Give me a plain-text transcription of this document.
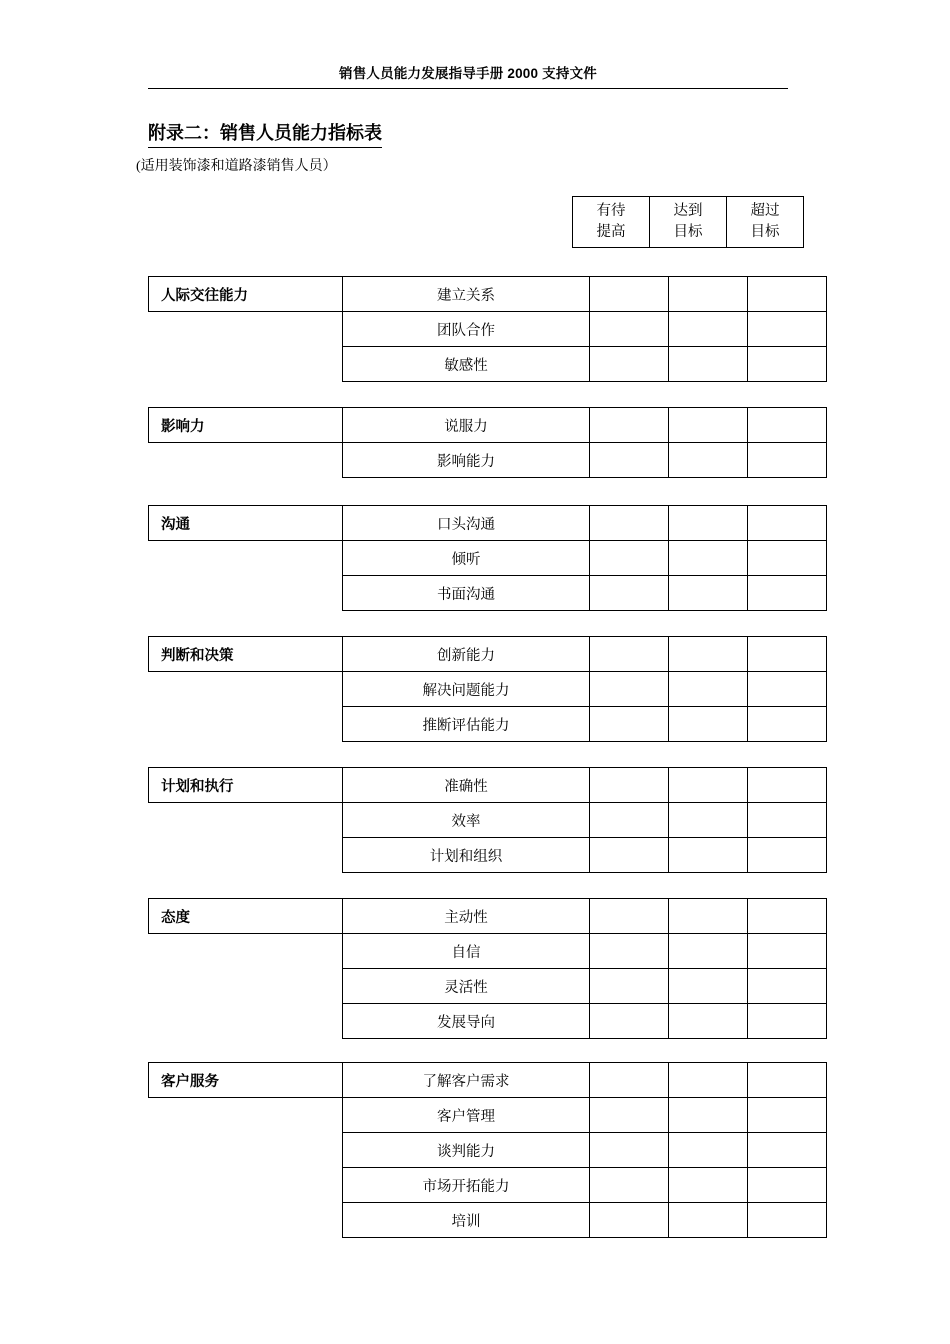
销售人员能力发展指导手册 2000 支持文件
附录二：销售人员能力指标表
(适用装饰漆和道路漆销售人员）
有待
提高

达到
目标

超过
目标
人际交往能力	建立关系			
	团队合作			
	敏感性			
影响力	说服力			
	影响能力			
沟通	口头沟通			
	倾听			
	书面沟通			
判断和决策	创新能力			
	解决问题能力			
	推断评估能力			
计划和执行	准确性			
	效率			
	计划和组织			
态度	主动性			
	自信			
	灵活性			
	发展导向			
客户服务	了解客户需求			
	客户管理			
	谈判能力			
	市场开拓能力			
	培训			
